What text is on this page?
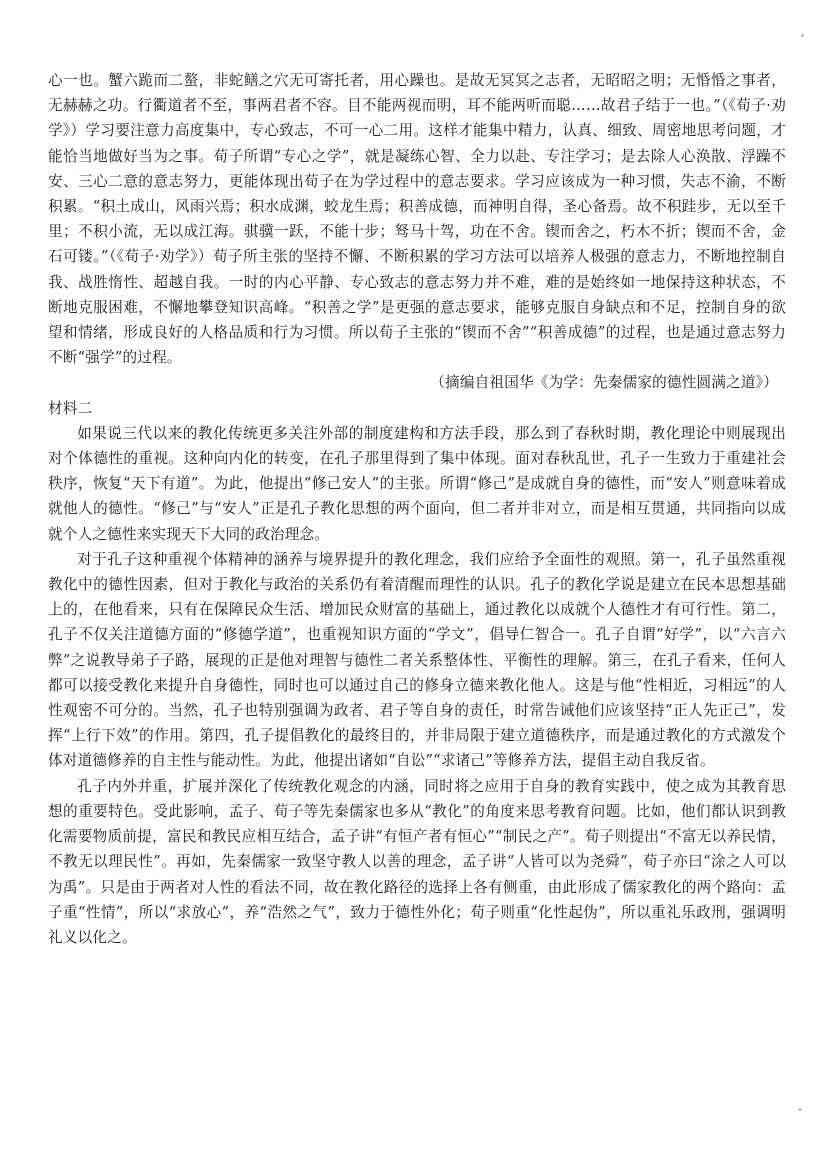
心一也。蟹六跪而二螯，非蛇鳝之穴无可寄托者，用心躁也。是故无冥冥之志者，无昭昭之明；无惛惛之事者，无赫赫之功。行衢道者不至，事两君者不容。目不能两视而明，耳不能两听而聪……故君子结于一也。”（《荀子·劝学》）学习要注意力高度集中，专心致志，不可一心二用。这样才能集中精力，认真、细致、周密地思考问题，才能恰当地做好当为之事。荀子所谓“专心之学”，就是凝练心智、全力以赴、专注学习；是去除人心涣散、浮躁不安、三心二意的意志努力，更能体现出荀子在为学过程中的意志要求。学习应该成为一种习惯，失志不渝，不断积累。“积土成山，风雨兴焉；积水成渊，蛟龙生焉；积善成德，而神明自得，圣心备焉。故不积跬步，无以至千里；不积小流，无以成江海。骐骥一跃，不能十步；驽马十驾，功在不舍。锲而舍之，朽木不折；锲而不舍，金石可镂。”（《荀子·劝学》）荀子所主张的坚持不懈、不断积累的学习方法可以培养人极强的意志力，不断地控制自我、战胜惰性、超越自我。一时的内心平静、专心致志的意志努力并不难，难的是始终如一地保持这种状态，不断地克服困难，不懈地攀登知识高峰。“积善之学”是更强的意志要求，能够克服自身缺点和不足，控制自身的欲望和情绪，形成良好的人格品质和行为习惯。所以荀子主张的“锲而不舍”“积善成德”的过程，也是通过意志努力不断“强学”的过程。

（摘编自祖国华《为学：先秦儒家的德性圆满之道》）

材料二

如果说三代以来的教化传统更多关注外部的制度建构和方法手段，那么到了春秋时期，教化理论中则展现出对个体德性的重视。这种向内化的转变，在孔子那里得到了集中体现。面对春秋乱世，孔子一生致力于重建社会秩序，恢复“天下有道”。为此，他提出“修己安人”的主张。所谓“修己”是成就自身的德性，而“安人”则意味着成就他人的德性。“修己”与“安人”正是孔子教化思想的两个面向，但二者并非对立，而是相互贯通，共同指向以成就个人之德性来实现天下大同的政治理念。

对于孔子这种重视个体精神的涵养与境界提升的教化理念，我们应给予全面性的观照。第一，孔子虽然重视教化中的德性因素，但对于教化与政治的关系仍有着清醒而理性的认识。孔子的教化学说是建立在民本思想基础上的，在他看来，只有在保障民众生活、增加民众财富的基础上，通过教化以成就个人德性才有可行性。第二，孔子不仅关注道德方面的“修德学道”，也重视知识方面的“学文”，倡导仁智合一。孔子自谓“好学”，以“六言六弊”之说教导弟子子路，展现的正是他对理智与德性二者关系整体性、平衡性的理解。第三，在孔子看来，任何人都可以接受教化来提升自身德性，同时也可以通过自己的修身立德来教化他人。这是与他“性相近，习相远”的人性观密不可分的。当然，孔子也特别强调为政者、君子等自身的责任，时常告诫他们应该坚持“正人先正己”，发挥“上行下效”的作用。第四，孔子提倡教化的最终目的，并非局限于建立道德秩序，而是通过教化的方式激发个体对道德修养的自主性与能动性。为此，他提出诸如“自讼”“求诸己”等修养方法，提倡主动自我反省。

孔子内外并重，扩展并深化了传统教化观念的内涵，同时将之应用于自身的教育实践中，使之成为其教育思想的重要特色。受此影响，孟子、荀子等先秦儒家也多从“教化”的角度来思考教育问题。比如，他们都认识到教化需要物质前提，富民和教民应相互结合，孟子讲“有恒产者有恒心”“制民之产”。荀子则提出“不富无以养民情，不教无以理民性”。再如，先秦儒家一致坚守教人以善的理念，孟子讲“人皆可以为尧舜”，荀子亦曰“涂之人可以为禹”。只是由于两者对人性的看法不同，故在教化路径的选择上各有侧重，由此形成了儒家教化的两个路向：孟子重“性情”，所以“求放心”，养“浩然之气”，致力于德性外化；荀子则重“化性起伪”，所以重礼乐政刑，强调明礼义以化之。
